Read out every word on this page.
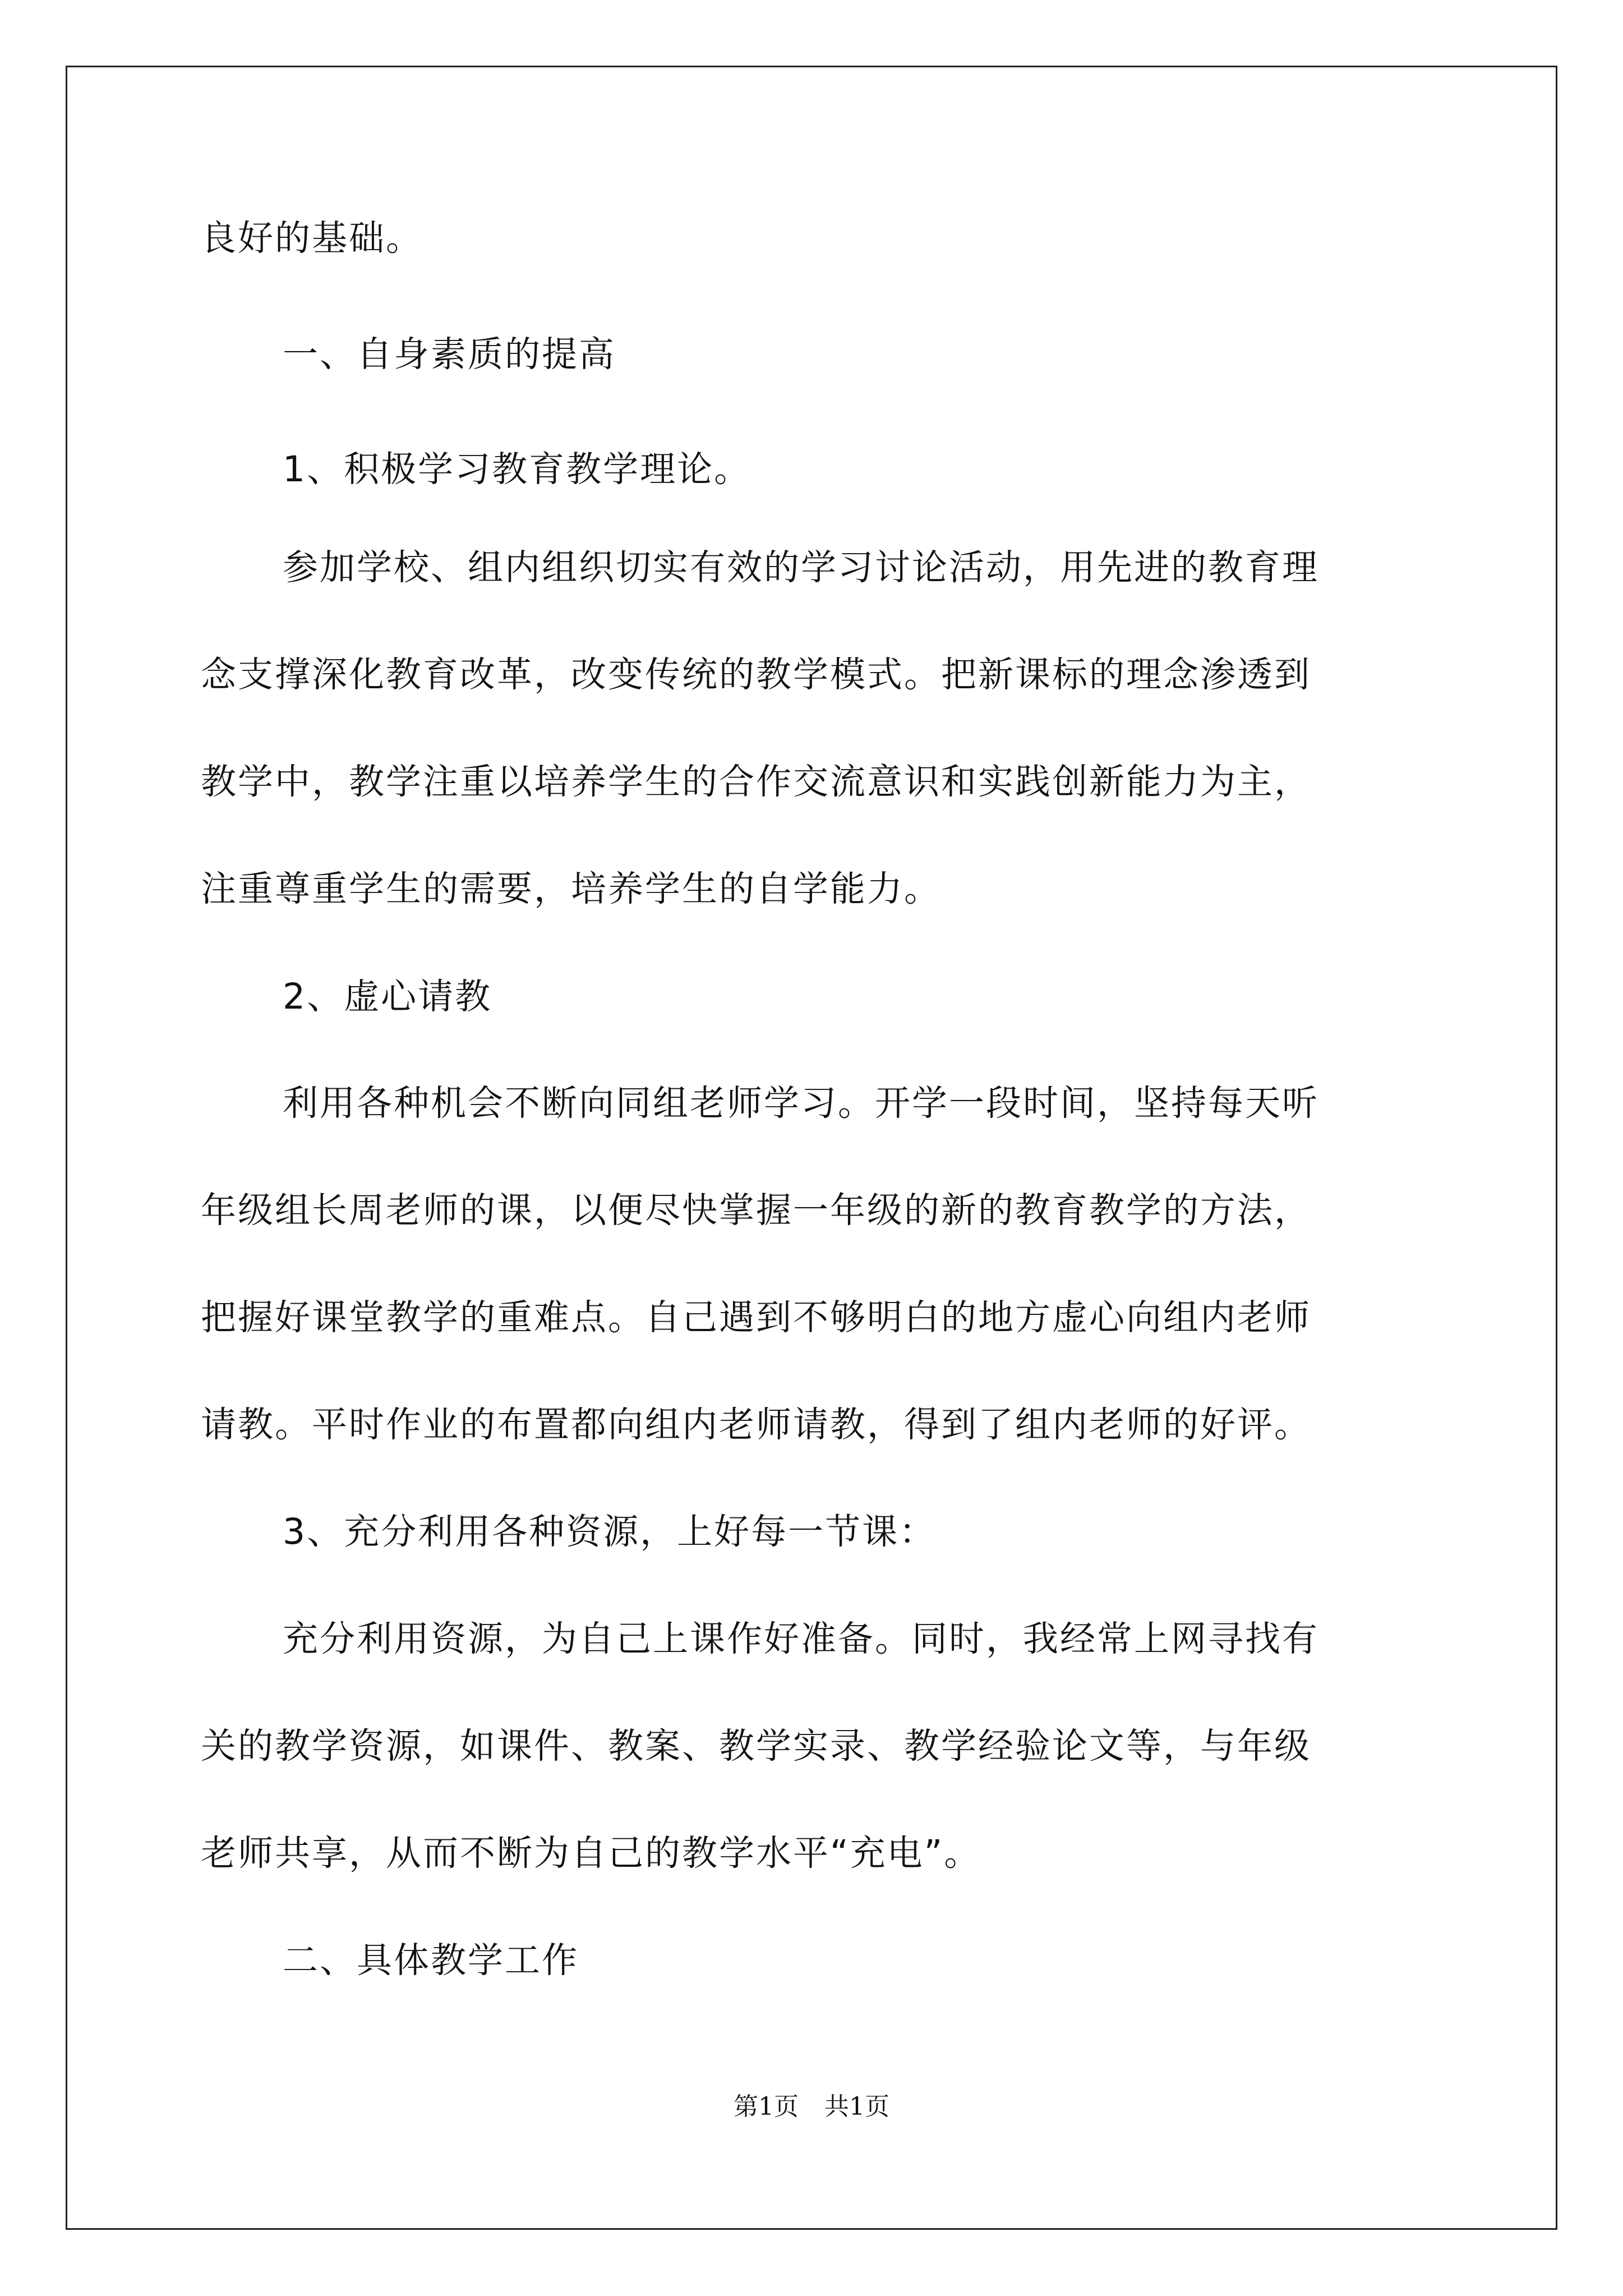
良好的基础。
一、自身素质的提高
1、积极学习教育教学理论。
参加学校、组内组织切实有效的学习讨论活动，用先进的教育理
念支撑深化教育改革，改变传统的教学模式。把新课标的理念渗透到
教学中，教学注重以培养学生的合作交流意识和实践创新能力为主，
注重尊重学生的需要，培养学生的自学能力。
2、虚心请教
利用各种机会不断向同组老师学习。开学一段时间，坚持每天听
年级组长周老师的课，以便尽快掌握一年级的新的教育教学的方法，
把握好课堂教学的重难点。自己遇到不够明白的地方虚心向组内老师
请教。平时作业的布置都向组内老师请教，得到了组内老师的好评。
3、充分利用各种资源，上好每一节课：
充分利用资源，为自己上课作好准备。同时，我经常上网寻找有
关的教学资源，如课件、教案、教学实录、教学经验论文等，与年级
老师共享，从而不断为自己的教学水平“充电”。
二、具体教学工作
第1页 共1页
